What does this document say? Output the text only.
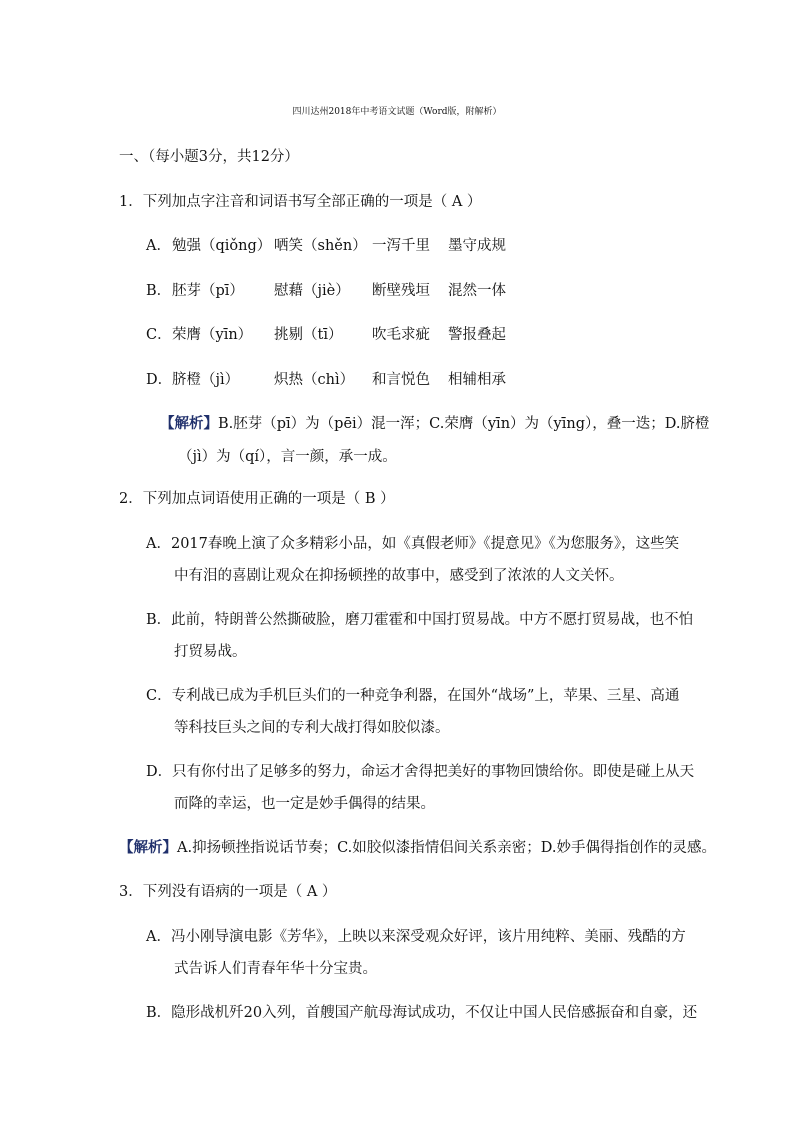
四川达州2018年中考语文试题（Word版，附解析）
一、（每小题3分，共12分）
1．下列加点字注音和词语书写全部正确的一项是（ A ）
A．勉强（qiǒng） 哂笑（shěn） 一泻千里 墨守成规
B．胚芽（pī） 慰藉（jiè） 断壁残垣 混然一体
C．荣膺（yīn） 挑剔（tī） 吹毛求疵 警报叠起
D．脐橙（jì） 炽热（chì） 和言悦色 相辅相承
【解析】B.胚芽（pī）为（pēi）混一浑；C.荣膺（yīn）为（yīng），叠一迭；D.脐橙
（jì）为（qí），言一颜，承一成。
2．下列加点词语使用正确的一项是（ B ）
A．2017春晚上演了众多精彩小品，如《真假老师》《提意见》《为您服务》，这些笑
中有泪的喜剧让观众在抑扬顿挫的故事中，感受到了浓浓的人文关怀。
B．此前，特朗普公然撕破脸，磨刀霍霍和中国打贸易战。中方不愿打贸易战，也不怕
打贸易战。
C．专利战已成为手机巨头们的一种竞争利器，在国外“战场”上，苹果、三星、高通
等科技巨头之间的专利大战打得如胶似漆。
D．只有你付出了足够多的努力，命运才舍得把美好的事物回馈给你。即使是碰上从天
而降的幸运，也一定是妙手偶得的结果。
【解析】A.抑扬顿挫指说话节奏；C.如胶似漆指情侣间关系亲密；D.妙手偶得指创作的灵感。
3．下列没有语病的一项是（ A ）
A．冯小刚导演电影《芳华》，上映以来深受观众好评，该片用纯粹、美丽、残酷的方
式告诉人们青春年华十分宝贵。
B．隐形战机歼20入列，首艘国产航母海试成功，不仅让中国人民倍感振奋和自豪，还
